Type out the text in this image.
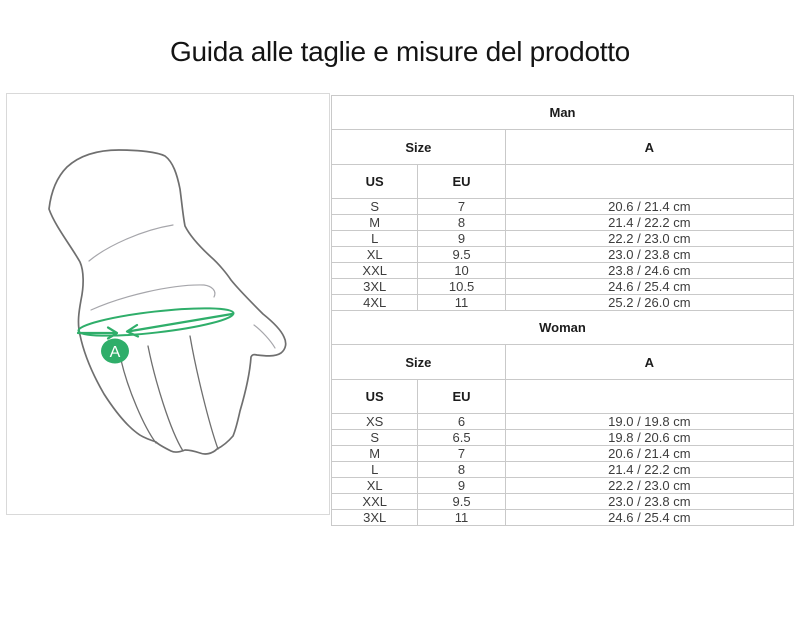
Guida alle taglie e misure del prodotto
A
Man		
Size		A
US	EU	
S	7	20.6 / 21.4 cm
M	8	21.4 / 22.2 cm
L	9	22.2 / 23.0 cm
XL	9.5	23.0 / 23.8 cm
XXL	10	23.8 / 24.6 cm
3XL	10.5	24.6 / 25.4 cm
4XL	11	25.2 / 26.0 cm
Woman		
Size		A
US	EU	
XS	6	19.0 / 19.8 cm
S	6.5	19.8 / 20.6 cm
M	7	20.6 / 21.4 cm
L	8	21.4 / 22.2 cm
XL	9	22.2 / 23.0 cm
XXL	9.5	23.0 / 23.8 cm
3XL	11	24.6 / 25.4 cm
